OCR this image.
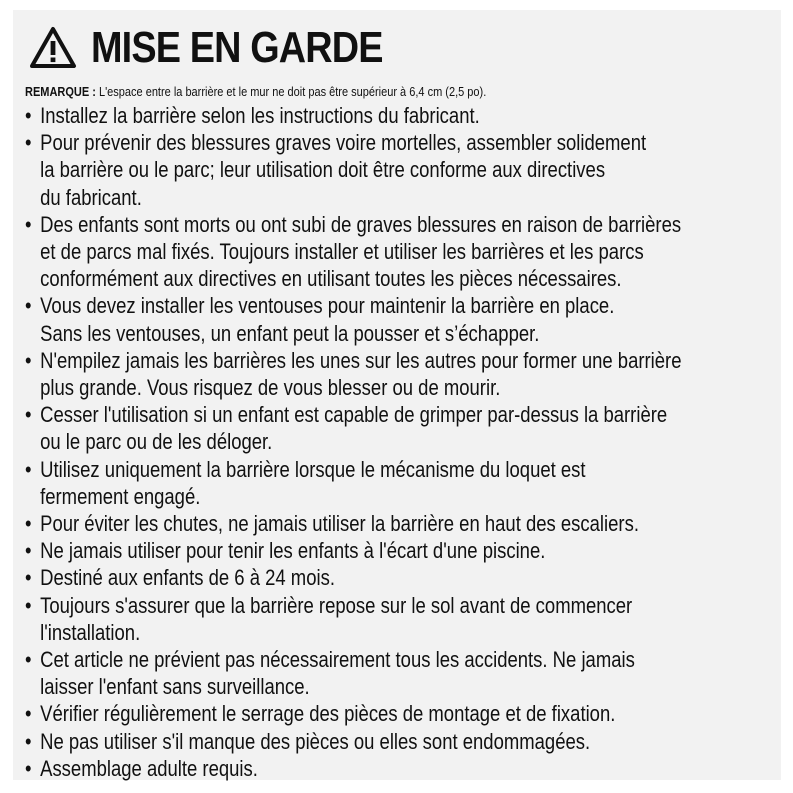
MISE EN GARDE
REMARQUE : L'espace entre la barrière et le mur ne doit pas être supérieur à 6,4 cm (2,5 po).
• Installez la barrière selon les instructions du fabricant.
• Pour prévenir des blessures graves voire mortelles, assembler solidement
la barrière ou le parc; leur utilisation doit être conforme aux directives
du fabricant.
• Des enfants sont morts ou ont subi de graves blessures en raison de barrières
et de parcs mal fixés. Toujours installer et utiliser les barrières et les parcs
conformément aux directives en utilisant toutes les pièces nécessaires.
• Vous devez installer les ventouses pour maintenir la barrière en place.
Sans les ventouses, un enfant peut la pousser et s’échapper.
• N'empilez jamais les barrières les unes sur les autres pour former une barrière
plus grande. Vous risquez de vous blesser ou de mourir.
• Cesser l'utilisation si un enfant est capable de grimper par-dessus la barrière
ou le parc ou de les déloger.
• Utilisez uniquement la barrière lorsque le mécanisme du loquet est
fermement engagé.
• Pour éviter les chutes, ne jamais utiliser la barrière en haut des escaliers.
• Ne jamais utiliser pour tenir les enfants à l'écart d'une piscine.
• Destiné aux enfants de 6 à 24 mois.
• Toujours s'assurer que la barrière repose sur le sol avant de commencer
l'installation.
• Cet article ne prévient pas nécessairement tous les accidents. Ne jamais
laisser l'enfant sans surveillance.
• Vérifier régulièrement le serrage des pièces de montage et de fixation.
• Ne pas utiliser s'il manque des pièces ou elles sont endommagées.
• Assemblage adulte requis.
